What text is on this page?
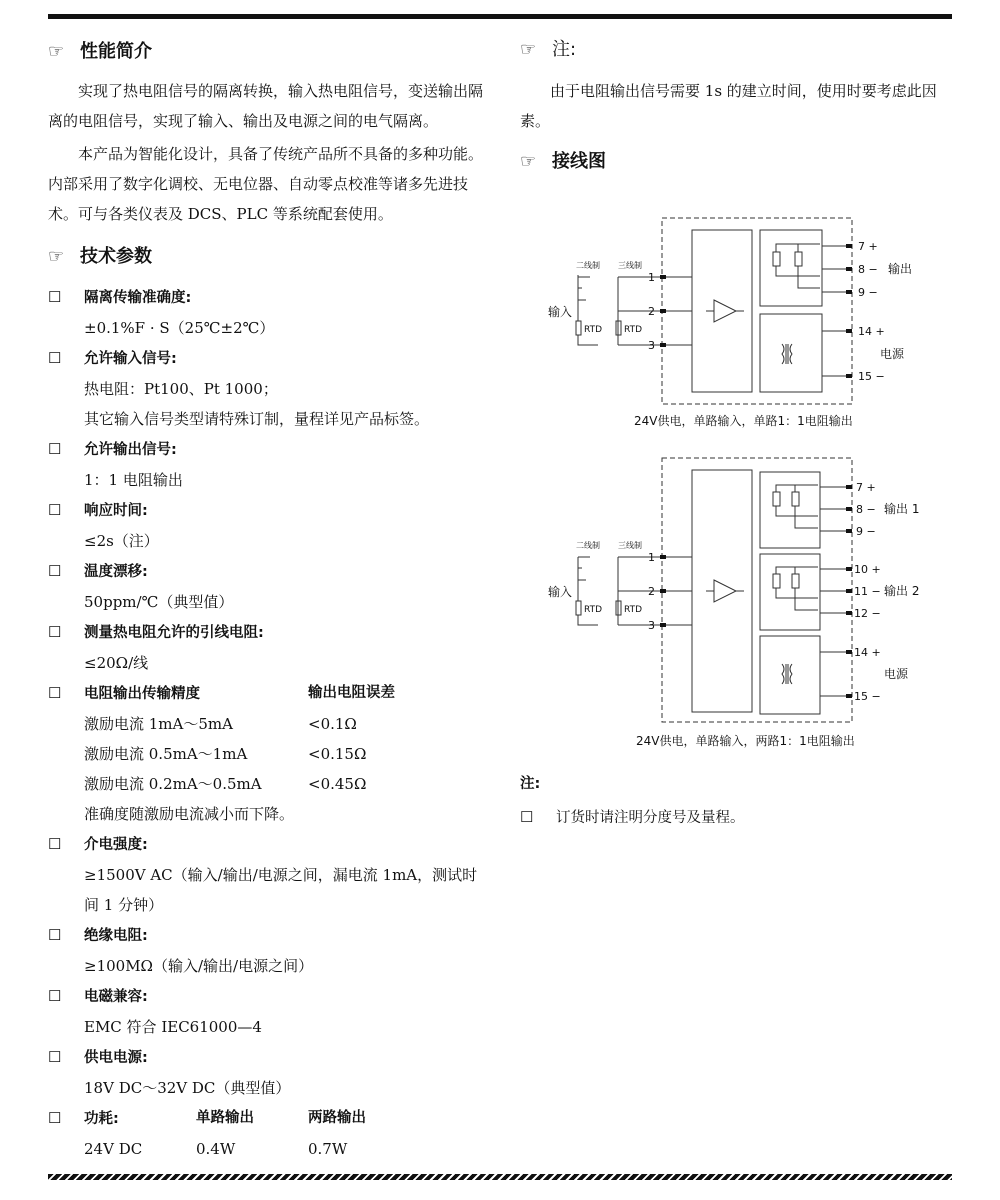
☞ 性能简介

实现了热电阻信号的隔离转换，输入热电阻信号，变送输出隔离的电阻信号，实现了输入、输出及电源之间的电气隔离。

本产品为智能化设计，具备了传统产品所不具备的多种功能。内部采用了数字化调校、无电位器、自动零点校准等诸多先进技术。可与各类仪表及 DCS、PLC 等系统配套使用。

☞ 技术参数
☐ 隔离传输准确度:
±0.1%F · S（25℃±2℃）
☐ 允许输入信号:
热电阻：Pt100、Pt 1000；
其它输入信号类型请特殊订制，量程详见产品标签。
☐ 允许输出信号:
1：1 电阻输出
☐ 响应时间:
≤2s（注）
☐ 温度漂移:
50ppm/℃（典型值）
☐ 测量热电阻允许的引线电阻:
≤20Ω/线
☐ 电阻输出传输精度	输出电阻误差
激励电流 1mA～5mA	<0.1Ω
激励电流 0.5mA～1mA	<0.15Ω
激励电流 0.2mA～0.5mA	<0.45Ω
准确度随激励电流减小而下降。
☐ 介电强度:
≥1500V AC（输入/输出/电源之间，漏电流 1mA，测试时
间 1 分钟）
☐ 绝缘电阻:
≥100MΩ（输入/输出/电源之间）
☐ 电磁兼容:
EMC 符合 IEC61000—4
☐ 供电电源:
18V DC～32V DC（典型值）
☐ 功耗:	单路输出	两路输出
24V DC	0.4W	0.7W
☞ 注:

由于电阻输出信号需要 1s 的建立时间，使用时要考虑此因素。

☞ 接线图
二线制 三线制
输入
RTD RTD
1
2
3
7 +
8 −
9 −
14 +
15 −
输出
电源
24V供电，单路输入，单路1：1电阻输出
二线制 三线制
输入
RTD RTD
1
2
3
7 +
8 −
9 −
10 +
11 −
12 −
14 +
15 −
输出 1
输出 2
电源
24V供电，单路输入，两路1：1电阻输出
注:
☐ 订货时请注明分度号及量程。
